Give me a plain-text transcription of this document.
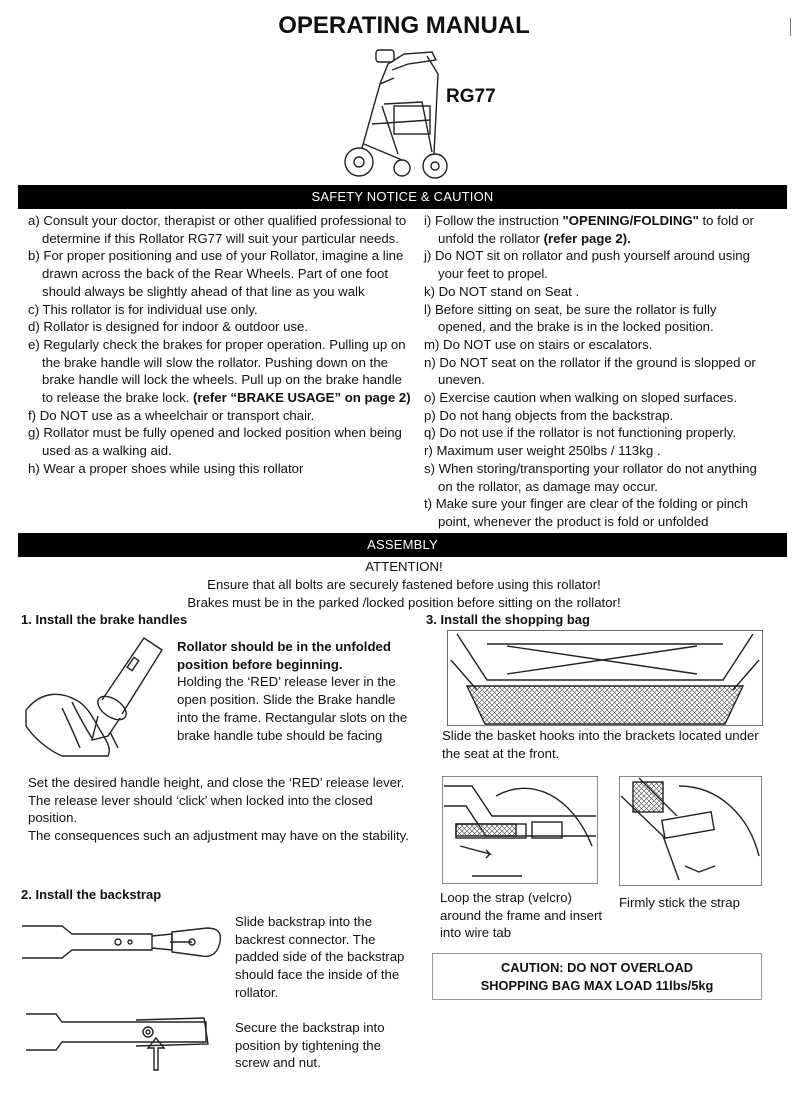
OPERATING MANUAL
RG77
SAFETY NOTICE & CAUTION
a) Consult your doctor, therapist or other qualified professional to determine if this Rollator RG77 will suit your particular needs.
b) For proper positioning and use of your Rollator, imagine a line drawn across the back of the Rear Wheels. Part of one foot should always be slightly ahead of that line as you walk
c) This rollator is for individual use only.
d) Rollator is designed for indoor & outdoor use.
e) Regularly check the brakes for proper operation. Pulling up on the brake handle will slow the rollator. Pushing down on the brake handle will lock the wheels. Pull up on the brake handle to release the brake lock. (refer “BRAKE USAGE” on page 2)
f) Do NOT use as a wheelchair or transport chair.
g) Rollator must be fully opened and locked position when being used as a walking aid.
h) Wear a proper shoes while using this rollator
i) Follow the instruction "OPENING/FOLDING" to fold or unfold the rollator (refer page 2).
j) Do NOT sit on rollator and push yourself around using your feet to propel.
k) Do NOT stand on Seat .
l) Before sitting on seat, be sure the rollator is fully opened, and the brake is in the locked position.
m) Do NOT use on stairs or escalators.
n) Do NOT seat on the rollator if the ground is slopped or uneven.
o) Exercise caution when walking on sloped surfaces.
p) Do not hang objects from the backstrap.
q) Do not use if the rollator is not functioning properly.
r) Maximum user weight 250lbs / 113kg .
s) When storing/transporting your rollator do not anything on the rollator, as damage may occur.
t) Make sure your finger are clear of the folding or pinch point, whenever the product is fold or unfolded
ASSEMBLY
ATTENTION!
Ensure that all bolts are securely fastened before using this rollator!
Brakes must be in the parked /locked position before sitting on the rollator!
1. Install the brake handles
Rollator should be in the unfolded position before beginning.
Holding the ‘RED’ release lever in the open position. Slide the Brake handle into the frame. Rectangular slots on the brake handle tube should be facing
Set the desired handle height, and close the ‘RED’ release lever. The release lever should ‘click’ when locked into the closed position.
The consequences such an adjustment may have on the stability.
2. Install the backstrap
Slide backstrap into the backrest connector. The padded side of the backstrap should face the inside of the rollator.
Secure the backstrap into position by tightening the screw and nut.
3. Install the shopping bag
Slide the basket hooks into the brackets located under the seat at the front.
Loop the strap (velcro) around the frame and insert into wire tab
Firmly stick the strap
CAUTION: DO NOT OVERLOAD
SHOPPING BAG MAX LOAD 11lbs/5kg
